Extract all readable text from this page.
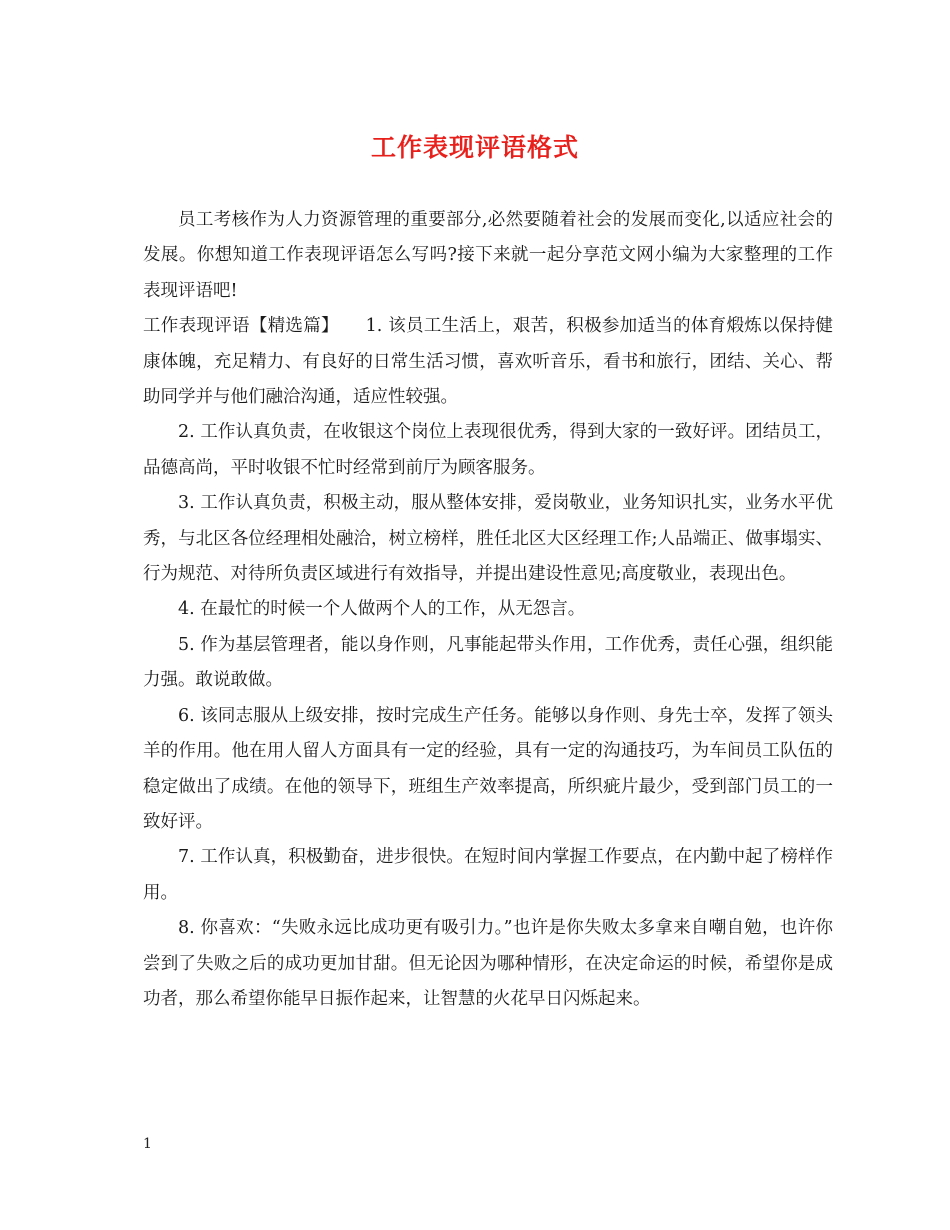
工作表现评语格式

员工考核作为人力资源管理的重要部分,必然要随着社会的发展而变化,以适应社会的发展。你想知道工作表现评语怎么写吗?接下来就一起分享范文网小编为大家整理的工作表现评语吧!

工作表现评语【精选篇】　　1. 该员工生活上，艰苦，积极参加适当的体育煅炼以保持健康体魄，充足精力、有良好的日常生活习惯，喜欢听音乐，看书和旅行，团结、关心、帮助同学并与他们融洽沟通，适应性较强。

2. 工作认真负责，在收银这个岗位上表现很优秀，得到大家的一致好评。团结员工，品德高尚，平时收银不忙时经常到前厅为顾客服务。

3. 工作认真负责，积极主动，服从整体安排，爱岗敬业，业务知识扎实，业务水平优秀，与北区各位经理相处融洽，树立榜样，胜任北区大区经理工作;人品端正、做事塌实、行为规范、对待所负责区域进行有效指导，并提出建设性意见;高度敬业，表现出色。

4. 在最忙的时候一个人做两个人的工作，从无怨言。

5. 作为基层管理者，能以身作则，凡事能起带头作用，工作优秀，责任心强，组织能力强。敢说敢做。

6. 该同志服从上级安排，按时完成生产任务。能够以身作则、身先士卒，发挥了领头羊的作用。他在用人留人方面具有一定的经验，具有一定的沟通技巧，为车间员工队伍的稳定做出了成绩。在他的领导下，班组生产效率提高，所织疵片最少，受到部门员工的一致好评。

7. 工作认真，积极勤奋，进步很快。在短时间内掌握工作要点，在内勤中起了榜样作用。

8. 你喜欢：“失败永远比成功更有吸引力。”也许是你失败太多拿来自嘲自勉，也许你尝到了失败之后的成功更加甘甜。但无论因为哪种情形，在决定命运的时候，希望你是成功者，那么希望你能早日振作起来，让智慧的火花早日闪烁起来。

1
